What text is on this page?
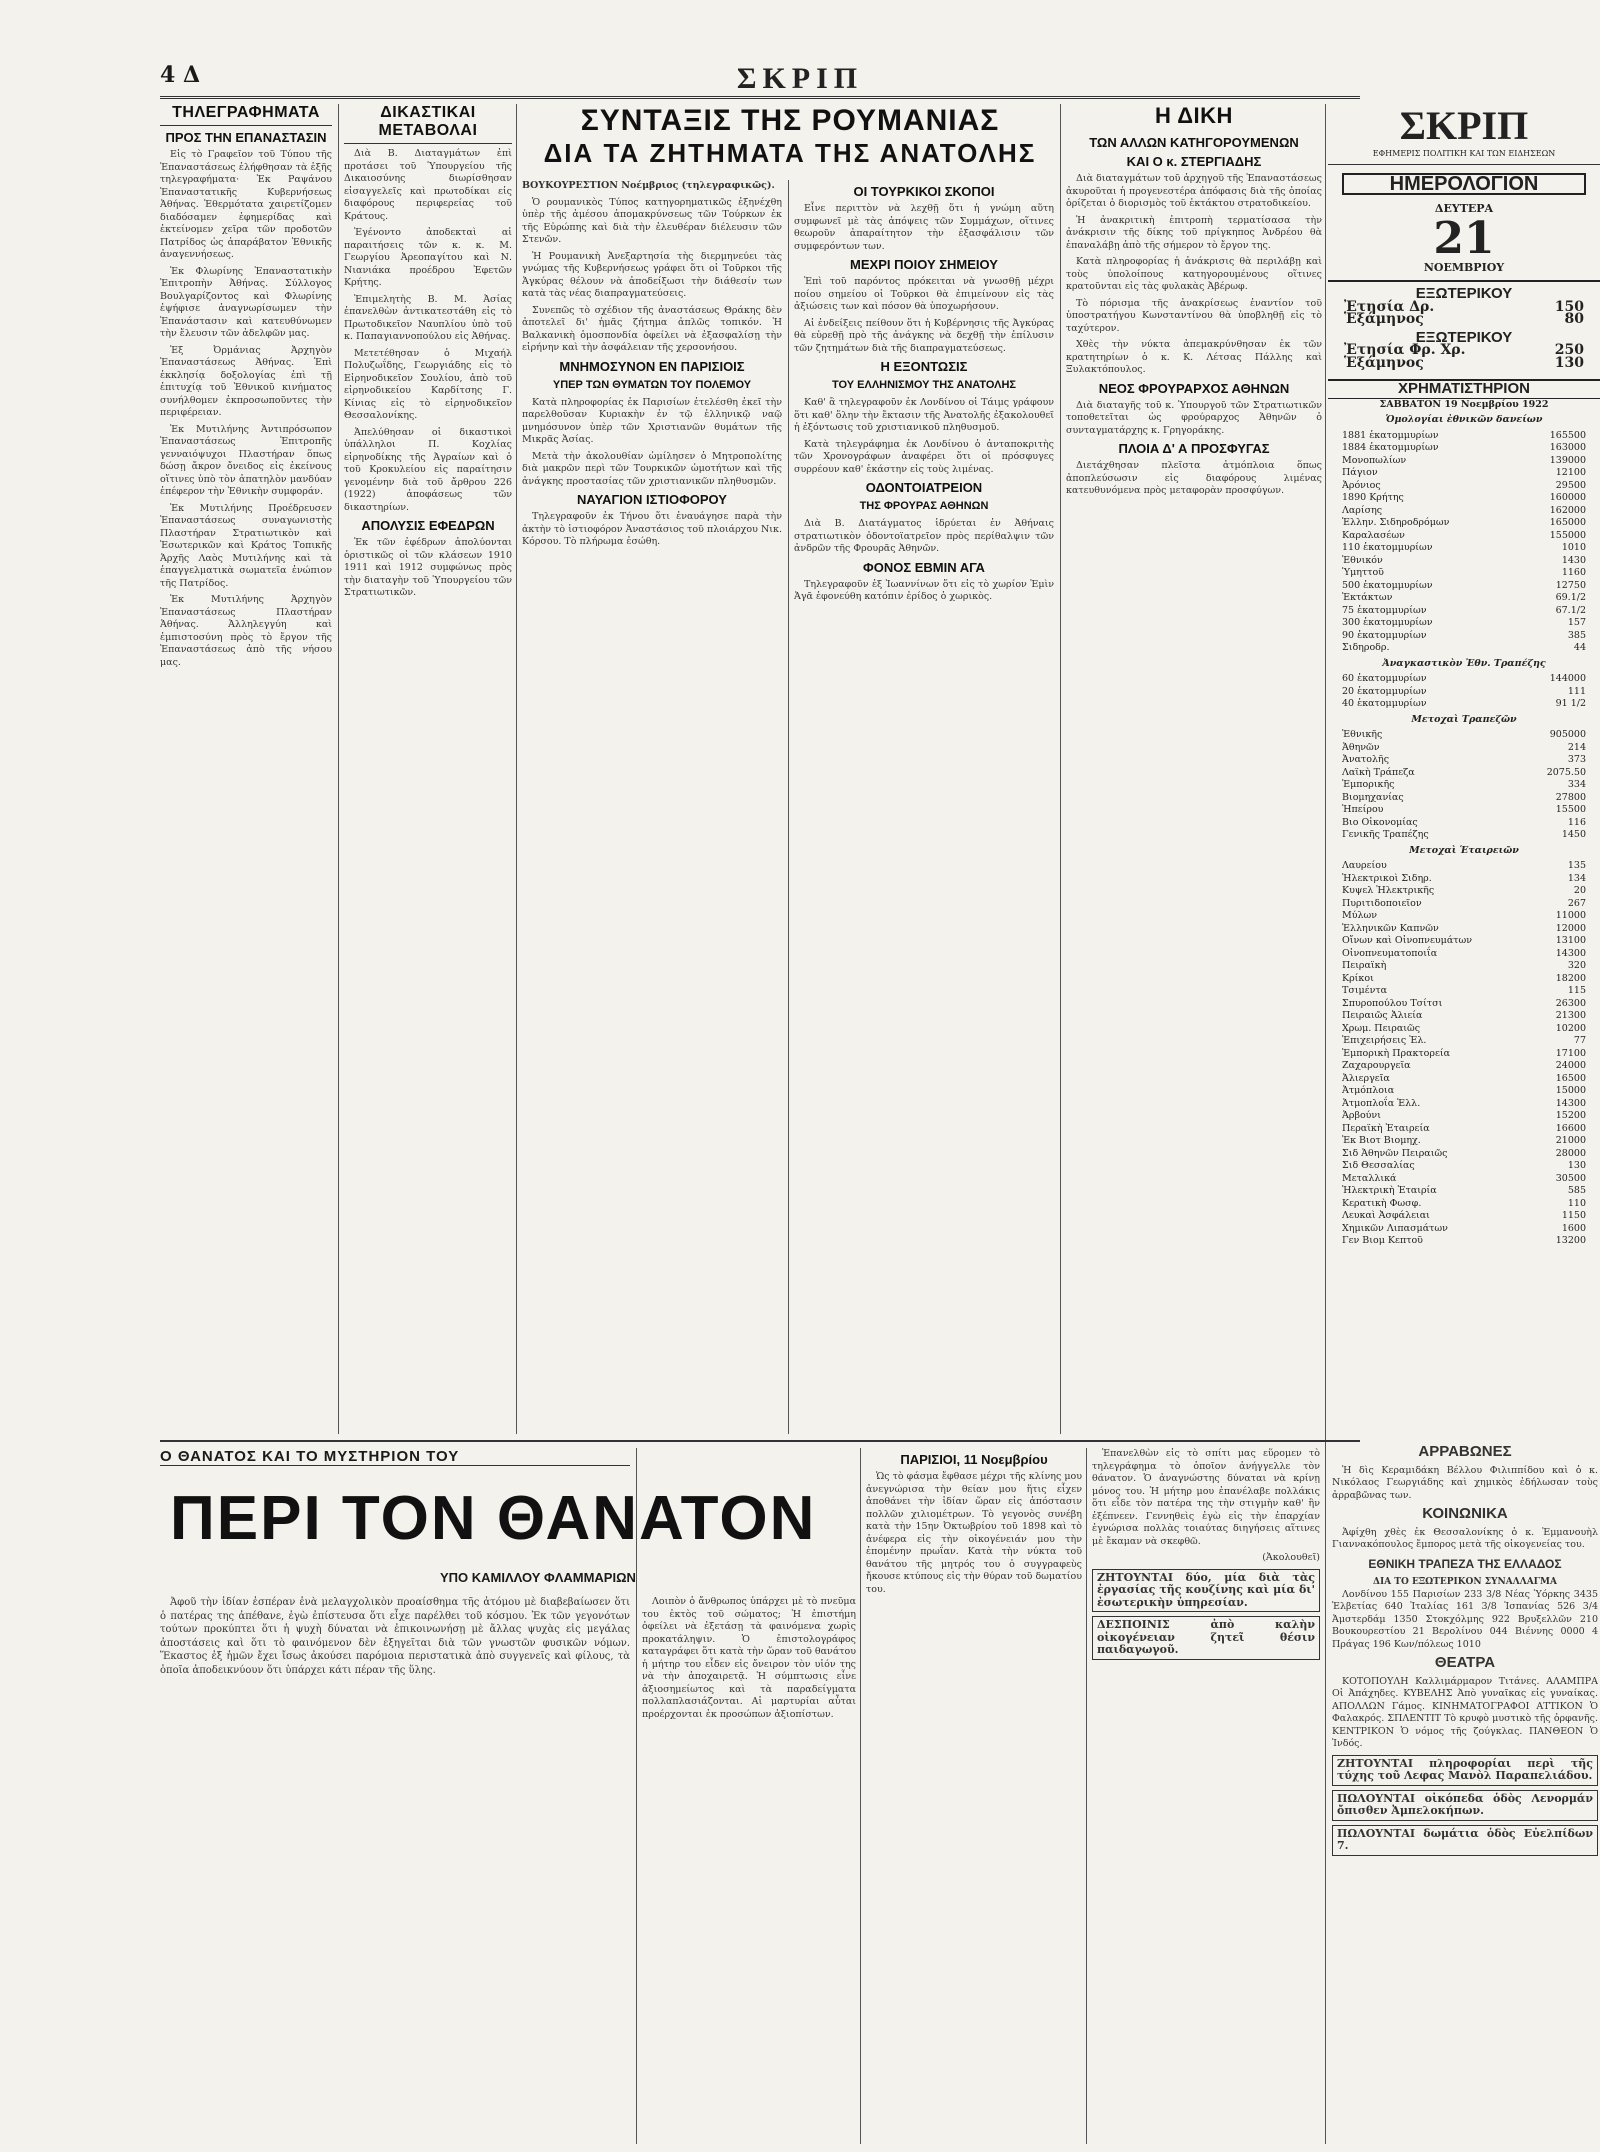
4 Δ	ΣΚΡΙΠ
ΤΗΛΕΓΡΑΦΗΜΑΤΑ
ΠΡΟΣ ΤΗΝ ΕΠΑΝΑΣΤΑΣΙΝ

Εἰς τὸ Γραφεῖον τοῦ Τύπου τῆς Ἐπαναστάσεως ἐλήφθησαν τὰ ἑξῆς τηλεγραφήματα· Ἐκ Ραψάνου Ἐπαναστατικῆς Κυβερνήσεως Ἀθήνας. Ἐθερμότατα χαιρετίζομεν διαδόσαμεν ἐφημερίδας καὶ ἐκτείνομεν χεῖρα τῶν προδοτῶν Πατρίδος ὡς ἀπαράβατον Ἐθνικῆς ἀναγεννήσεως.

Ἐκ Φλωρίνης Ἐπαναστατικὴν Ἐπιτροπὴν Ἀθήνας. Σύλλογος Βουλγαρίζοντος καὶ Φλωρίνης ἐψήφισε ἀναγνωρίσωμεν τὴν Ἐπανάστασιν καὶ κατευθύνωμεν τὴν ἔλευσιν τῶν ἀδελφῶν μας.

Ἐξ Ὀρμάνιας Ἀρχηγὸν Ἐπαναστάσεως Ἀθήνας. Ἐπὶ ἐκκλησίᾳ δοξολογίας ἐπὶ τῇ ἐπιτυχίᾳ τοῦ Ἐθνικοῦ κινήματος συνήλθομεν ἐκπροσωποῦντες τὴν περιφέρειαν.

Ἐκ Μυτιλήνης Ἀντιπρόσωπον Ἐπαναστάσεως Ἐπιτροπῆς γενναιόψυχοι Πλαστήραν ὅπως δώσῃ ἄκρον ὄνειδος εἰς ἐκείνους οἵτινες ὑπὸ τὸν ἀπατηλὸν μανδύαν ἐπέφερον τὴν Ἐθνικὴν συμφοράν.

Ἐκ Μυτιλήνης Προέδρευσεν Ἐπαναστάσεως συναγωνιστὴς Πλαστήραν Στρατιωτικὸν καὶ Ἐσωτερικῶν καὶ Κράτος Τοπικῆς Ἀρχῆς Λαὸς Μυτιλήνης καὶ τὰ ἐπαγγελματικὰ σωματεῖα ἐνώπιον τῆς Πατρίδος.

Ἐκ Μυτιλήνης Ἀρχηγὸν Ἐπαναστάσεως Πλαστήραν Ἀθήνας. Ἀλληλεγγύη καὶ ἐμπιστοσύνη πρὸς τὸ ἔργον τῆς Ἐπαναστάσεως ἀπὸ τῆς νήσου μας.

ΔΙΚΑΣΤΙΚΑΙ ΜΕΤΑΒΟΛΑΙ

Διὰ Β. Διαταγμάτων ἐπὶ προτάσει τοῦ Ὑπουργείου τῆς Δικαιοσύνης διωρίσθησαν εἰσαγγελεῖς καὶ πρωτοδίκαι εἰς διαφόρους περιφερείας τοῦ Κράτους.

Ἐγένοντο ἀποδεκταὶ αἱ παραιτήσεις τῶν κ. κ. Μ. Γεωργίου Ἀρεοπαγίτου καὶ Ν. Νιανιάκα προέδρου Ἐφετῶν Κρήτης.

Ἐπιμελητὴς Β. Μ. Ἀσίας ἐπανελθὼν ἀντικατεστάθη εἰς τὸ Πρωτοδικεῖον Ναυπλίου ὑπὸ τοῦ κ. Παπαγιαννοπούλου εἰς Ἀθήνας.

Μετετέθησαν ὁ Μιχαήλ Πολυζωΐδης, Γεωργιάδης εἰς τὸ Εἰρηνοδικεῖον Σουλίου, ἀπὸ τοῦ εἰρηνοδικείου Καρδίτσης Γ. Κίνιας εἰς τὸ εἰρηνοδικεῖον Θεσσαλονίκης.

Ἀπελύθησαν οἱ δικαστικοὶ ὑπάλληλοι Π. Κοχλίας εἰρηνοδίκης τῆς Ἀγραίων καὶ ὁ τοῦ Κροκυλείου εἰς παραίτησιν γενομένην διὰ τοῦ ἄρθρου 226 (1922) ἀποφάσεως τῶν δικαστηρίων.

ΑΠΟΛΥΣΙΣ ΕΦΕΔΡΩΝ

Ἐκ τῶν ἐφέδρων ἀπολύονται ὁριστικῶς οἱ τῶν κλάσεων 1910 1911 καὶ 1912 συμφώνως πρὸς τὴν διαταγὴν τοῦ Ὑπουργείου τῶν Στρατιωτικῶν.

ΣΥΝΤΑΞΙΣ ΤΗΣ ΡΟΥΜΑΝΙΑΣ
ΔΙΑ ΤΑ ΖΗΤΗΜΑΤΑ ΤΗΣ ΑΝΑΤΟΛΗΣ

ΒΟΥΚΟΥΡΕΣΤΙΟΝ Νοέμβριος (τηλεγραφικῶς).

Ὁ ρουμανικὸς Τύπος κατηγορηματικῶς ἐξηνέχθη ὑπὲρ τῆς ἀμέσου ἀπομακρύνσεως τῶν Τούρκων ἐκ τῆς Εὐρώπης καὶ διὰ τὴν ἐλευθέραν διέλευσιν τῶν Στενῶν.

Ἡ Ρουμανικὴ Ἀνεξαρτησία τὴς διερμηνεύει τὰς γνώμας τῆς Κυβερνήσεως γράφει ὅτι οἱ Τοῦρκοι τῆς Ἀγκύρας θέλουν νὰ ἀποδείξωσι τὴν διάθεσίν των κατὰ τὰς νέας διαπραγματεύσεις.

Συνεπῶς τὸ σχέδιον τῆς ἀναστάσεως Θράκης δὲν ἀποτελεῖ δι' ἡμᾶς ζήτημα ἀπλῶς τοπικόν. Ἡ Βαλκανικὴ ὁμοσπονδία ὀφείλει νὰ ἐξασφαλίσῃ τὴν εἰρήνην καὶ τὴν ἀσφάλειαν τῆς χερσονήσου.

ΜΝΗΜΟΣΥΝΟΝ ΕΝ ΠΑΡΙΣΙΟΙΣ
ΥΠΕΡ ΤΩΝ ΘΥΜΑΤΩΝ ΤΟΥ ΠΟΛΕΜΟΥ

Κατὰ πληροφορίας ἐκ Παρισίων ἐτελέσθη ἐκεῖ τὴν παρελθοῦσαν Κυριακὴν ἐν τῷ ἑλληνικῷ ναῷ μνημόσυνον ὑπὲρ τῶν Χριστιανῶν θυμάτων τῆς Μικρᾶς Ἀσίας.

Μετὰ τὴν ἀκολουθίαν ὡμίλησεν ὁ Μητροπολίτης διὰ μακρῶν περὶ τῶν Τουρκικῶν ὠμοτήτων καὶ τῆς ἀνάγκης προστασίας τῶν χριστιανικῶν πληθυσμῶν.

ΝΑΥΑΓΙΟΝ ΙΣΤΙΟΦΟΡΟΥ

Τηλεγραφοῦν ἐκ Τήνου ὅτι ἐναυάγησε παρὰ τὴν ἀκτὴν τὸ ἱστιοφόρον Ἀναστάσιος τοῦ πλοιάρχου Νικ. Κόρσου. Τὸ πλήρωμα ἐσώθη.

ΟΙ ΤΟΥΡΚΙΚΟΙ ΣΚΟΠΟΙ

Εἶνε περιττὸν νὰ λεχθῇ ὅτι ἡ γνώμη αὕτη συμφωνεῖ μὲ τὰς ἀπόψεις τῶν Συμμάχων, οἵτινες θεωροῦν ἀπαραίτητον τὴν ἐξασφάλισιν τῶν συμφερόντων των.

ΜΕΧΡΙ ΠΟΙΟΥ ΣΗΜΕΙΟΥ

Ἐπὶ τοῦ παρόντος πρόκειται νὰ γνωσθῇ μέχρι ποίου σημείου οἱ Τοῦρκοι θὰ ἐπιμείνουν εἰς τὰς ἀξιώσεις των καὶ πόσον θὰ ὑποχωρήσουν.

Αἱ ἐνδείξεις πείθουν ὅτι ἡ Κυβέρνησις τῆς Ἀγκύρας θὰ εὑρεθῇ πρὸ τῆς ἀνάγκης νὰ δεχθῇ τὴν ἐπίλυσιν τῶν ζητημάτων διὰ τῆς διαπραγματεύσεως.

Η ΕΞΟΝΤΩΣΙΣ
ΤΟΥ ΕΛΛΗΝΙΣΜΟΥ ΤΗΣ ΑΝΑΤΟΛΗΣ

Καθ' ἃ τηλεγραφοῦν ἐκ Λονδίνου οἱ Τάιμς γράφουν ὅτι καθ' ὅλην τὴν ἔκτασιν τῆς Ἀνατολῆς ἐξακολουθεῖ ἡ ἐξόντωσις τοῦ χριστιανικοῦ πληθυσμοῦ.

Κατὰ τηλεγράφημα ἐκ Λονδίνου ὁ ἀνταποκριτὴς τῶν Χρονογράφων ἀναφέρει ὅτι οἱ πρόσφυγες συρρέουν καθ' ἑκάστην εἰς τοὺς λιμένας.

ΟΔΟΝΤΟΙΑΤΡΕΙΟΝ
ΤΗΣ ΦΡΟΥΡΑΣ ΑΘΗΝΩΝ

Διὰ Β. Διατάγματος ἱδρύεται ἐν Ἀθήναις στρατιωτικὸν ὀδοντοϊατρεῖον πρὸς περίθαλψιν τῶν ἀνδρῶν τῆς Φρουρᾶς Ἀθηνῶν.

ΦΟΝΟΣ ΕΒΜΙΝ ΑΓΑ

Τηλεγραφοῦν ἐξ Ἰωαννίνων ὅτι εἰς τὸ χωρίον Ἐμὶν Ἀγᾶ ἐφονεύθη κατόπιν ἐρίδος ὁ χωρικὸς.

Η ΔΙΚΗ
ΤΩΝ ΑΛΛΩΝ ΚΑΤΗΓΟΡΟΥΜΕΝΩΝ
ΚΑΙ Ο κ. ΣΤΕΡΓΙΑΔΗΣ

Διὰ διαταγμάτων τοῦ ἀρχηγοῦ τῆς Ἐπαναστάσεως ἀκυροῦται ἡ προγενεστέρα ἀπόφασις διὰ τῆς ὁποίας ὁρίζεται ὁ διορισμὸς τοῦ ἐκτάκτου στρατοδικείου.

Ἡ ἀνακριτικὴ ἐπιτροπὴ τερματίσασα τὴν ἀνάκρισιν τῆς δίκης τοῦ πρίγκηπος Ἀνδρέου θὰ ἐπαναλάβῃ ἀπὸ τῆς σήμερον τὸ ἔργον της.

Κατὰ πληροφορίας ἡ ἀνάκρισις θὰ περιλάβῃ καὶ τοὺς ὑπολοίπους κατηγορουμένους οἵτινες κρατοῦνται εἰς τὰς φυλακὰς Ἀβέρωφ.

Τὸ πόρισμα τῆς ἀνακρίσεως ἐναντίον τοῦ ὑποστρατήγου Κωνσταντίνου θὰ ὑποβληθῇ εἰς τὸ ταχύτερον.

Χθὲς τὴν νύκτα ἀπεμακρύνθησαν ἐκ τῶν κρατητηρίων ὁ κ. Κ. Λέτσας Πάλλης καὶ Ξυλακτόπουλος.

ΝΕΟΣ ΦΡΟΥΡΑΡΧΟΣ ΑΘΗΝΩΝ

Διὰ διαταγῆς τοῦ κ. Ὑπουργοῦ τῶν Στρατιωτικῶν τοποθετεῖται ὡς φρούραρχος Ἀθηνῶν ὁ συνταγματάρχης κ. Γρηγοράκης.

ΠΛΟΙΑ Δ' Α ΠΡΟΣΦΥΓΑΣ

Διετάχθησαν πλεῖστα ἀτμόπλοια ὅπως ἀποπλεύσωσιν εἰς διαφόρους λιμένας κατευθυνόμενα πρὸς μεταφορὰν προσφύγων.

ΣΚΡΙΠ
ΕΦΗΜΕΡΙΣ ΠΟΛΙΤΙΚΗ ΚΑΙ ΤΩΝ ΕΙΔΗΣΕΩΝ
ΗΜΕΡΟΛΟΓΙΟΝ
ΔΕΥΤΕΡΑ
21
ΝΟΕΜΒΡΙΟΥ
ΕΞΩΤΕΡΙΚΟΥ
Ἐτησία Δρ.	150
Ἑξάμηνος	80
ΕΞΩΤΕΡΙΚΟΥ
Ἐτησία Φρ. Χρ.	250
Ἑξάμηνος	130
ΧΡΗΜΑΤΙΣΤΗΡΙΟΝ
ΣΑΒΒΑΤΟΝ 19 Νοεμβρίου 1922
Ὁμολογίαι ἐθνικῶν δανείων
1881 ἑκατομμυρίων	165500
1884 ἑκατομμυρίων	163000
Μονοπωλίων	139000
Πάγιον	12100
Ἀρόνιος	29500
1890 Κρήτης	160000
Λαρίσης	162000
Ἑλλην. Σιδηροδρόμων	165000
Καραλασέων	155000
110 ἑκατομμυρίων	1010
Ἐθνικόν	1430
Ὑμηττοῦ	1160
500 ἑκατομμυρίων	12750
Ἐκτάκτων	69.1/2
75 ἑκατομμυρίων	67.1/2
300 ἑκατομμυρίων	157
90 ἑκατομμυρίων	385
Σιδηροδρ.	44
Ἀναγκαστικὸν Ἐθν. Τραπέζης
60 ἑκατομμυρίων	144000
20 ἑκατομμυρίων	111
40 ἑκατομμυρίων	91 1/2
Μετοχαὶ Τραπεζῶν
Ἐθνικῆς	905000
Ἀθηνῶν	214
Ἀνατολῆς	373
Λαϊκὴ Τράπεζα	2075.50
Ἐμπορικῆς	334
Βιομηχανίας	27800
Ἠπείρου	15500
Βιο Οἰκονομίας	116
Γενικῆς Τραπέζης	1450
Μετοχαὶ Ἑταιρειῶν
Λαυρείου	135
Ἠλεκτρικοὶ Σιδηρ.	134
Κυψελ Ἠλεκτρικῆς	20
Πυριτιδοποιεῖον	267
Μύλων	11000
Ἑλληνικῶν Καπνῶν	12000
Οἴνων καὶ Οἰνοπνευμάτων	13100
Οἰνοπνευματοποιΐα	14300
Πειραϊκὴ	320
Κρίκοι	18200
Τσιμέντα	115
Σπυροπούλου Τσίτσι	26300
Πειραιῶς Ἀλιεία	21300
Χρωμ. Πειραιῶς	10200
Ἐπιχειρήσεις Ἐλ.	77
Ἐμπορικὴ Πρακτορεία	17100
Ζαχαρουργεῖα	24000
Ἀλιεργεῖα	16500
Ἀτμόπλοια	15000
Ἀτμοπλοΐα Ἑλλ.	14300
Ἀρβούνι	15200
Περαϊκὴ Ἑταιρεία	16600
Ἐκ Βιοτ Βιομηχ.	21000
Σιδ Ἀθηνῶν Πειραιῶς	28000
Σιδ Θεσσαλίας	130
Μεταλλικά	30500
Ἠλεκτρικὴ Ἑταιρία	585
Κερατικὴ Φωσφ.	110
Λευκαὶ Ἀσφάλειαι	1150
Χημικῶν Λιπασμάτων	1600
Γεν Βιομ Κεπτοῦ	13200
Ο ΘΑΝΑΤΟΣ ΚΑΙ ΤΟ ΜΥΣΤΗΡΙΟΝ ΤΟΥ
ΠΕΡΙ ΤΟΝ ΘΑΝΑΤΟΝ
ΥΠΟ ΚΑΜΙΛΛΟΥ ΦΛΑΜΜΑΡΙΩΝ

Ἀφοῦ τὴν ἰδίαν ἐσπέραν ἐνὰ μελαγχολικὸν προαίσθημα τῆς ἀτόμου μὲ διαβεβαίωσεν ὅτι ὁ πατέρας της ἀπέθανε, ἐγὼ ἐπίστευσα ὅτι εἶχε παρέλθει τοῦ κόσμου. Ἐκ τῶν γεγονότων τούτων προκύπτει ὅτι ἡ ψυχὴ δύναται νὰ ἐπικοινωνήσῃ μὲ ἄλλας ψυχὰς εἰς μεγάλας ἀποστάσεις καὶ ὅτι τὸ φαινόμενον δὲν ἐξηγεῖται διὰ τῶν γνωστῶν φυσικῶν νόμων. Ἕκαστος ἐξ ἡμῶν ἔχει ἴσως ἀκούσει παρόμοια περιστατικὰ ἀπὸ συγγενεῖς καὶ φίλους, τὰ ὁποῖα ἀποδεικνύουν ὅτι ὑπάρχει κάτι πέραν τῆς ὕλης.

Λοιπὸν ὁ ἄνθρωπος ὑπάρχει μὲ τὸ πνεῦμα του ἐκτὸς τοῦ σώματος; Ἡ ἐπιστήμη ὀφείλει νὰ ἐξετάσῃ τὰ φαινόμενα χωρὶς προκατάληψιν. Ὁ ἐπιστολογράφος καταγράφει ὅτι κατὰ τὴν ὥραν τοῦ θανάτου ἡ μήτηρ του εἶδεν εἰς ὄνειρον τὸν υἱόν της νὰ τὴν ἀποχαιρετᾷ. Ἡ σύμπτωσις εἶνε ἀξιοσημείωτος καὶ τὰ παραδείγματα πολλαπλασιάζονται. Αἱ μαρτυρίαι αὗται προέρχονται ἐκ προσώπων ἀξιοπίστων.

ΠΑΡΙΣΙΟΙ, 11 Νοεμβρίου

Ὡς τὸ φάσμα ἔφθασε μέχρι τῆς κλίνης μου ἀνεγνώρισα τὴν θείαν μου ἥτις εἶχεν ἀποθάνει τὴν ἰδίαν ὥραν εἰς ἀπόστασιν πολλῶν χιλιομέτρων. Τὸ γεγονὸς συνέβη κατὰ τὴν 15ην Ὀκτωβρίου τοῦ 1898 καὶ τὸ ἀνέφερα εἰς τὴν οἰκογένειάν μου τὴν ἐπομένην πρωΐαν. Κατὰ τὴν νύκτα τοῦ θανάτου τῆς μητρός του ὁ συγγραφεὺς ἤκουσε κτύπους εἰς τὴν θύραν τοῦ δωματίου του.

Ἐπανελθὼν εἰς τὸ σπίτι μας εὕρομεν τὸ τηλεγράφημα τὸ ὁποῖον ἀνήγγελλε τὸν θάνατον. Ὁ ἀναγνώστης δύναται νὰ κρίνῃ μόνος του. Ἡ μήτηρ μου ἐπανέλαβε πολλάκις ὅτι εἶδε τὸν πατέρα της τὴν στιγμὴν καθ' ἣν ἐξέπνεεν. Γεννηθεὶς ἐγὼ εἰς τὴν ἐπαρχίαν ἐγνώρισα πολλὰς τοιαύτας διηγήσεις αἵτινες μὲ ἔκαμαν νὰ σκεφθῶ.

(Ἀκολουθεῖ)

ΖΗΤΟΥΝΤΑΙ δύο, μία διὰ τὰς ἐργασίας τῆς κουζίνης καὶ μία δι' ἐσωτερικὴν ὑπηρεσίαν.
ΔΕΣΠΟΙΝΙΣ ἀπὸ καλὴν οἰκογένειαν ζητεῖ θέσιν παιδαγωγοῦ.
ΑΡΡΑΒΩΝΕΣ

Ἡ δὶς Κεραμιδάκη Βέλλου Φιλιππίδου καὶ ὁ κ. Νικόλαος Γεωργιάδης καὶ χημικὸς ἐδήλωσαν τοὺς ἀρραβῶνας των.

ΚΟΙΝΩΝΙΚΑ

Ἀφίχθη χθὲς ἐκ Θεσσαλονίκης ὁ κ. Ἐμμανουὴλ Γιαννακόπουλος ἔμπορος μετὰ τῆς οἰκογενείας του.

ΕΘΝΙΚΗ ΤΡΑΠΕΖΑ ΤΗΣ ΕΛΛΑΔΟΣ
ΔΙΑ ΤΟ ΕΞΩΤΕΡΙΚΟΝ ΣΥΝΑΛΛΑΓΜΑ

Λονδίνου 155 Παρισίων 233 3/8 Νέας Ὑόρκης 3435 Ἑλβετίας 640 Ἰταλίας 161 3/8 Ἰσπανίας 526 3/4 Ἀμστερδάμ 1350 Στοκχόλμης 922 Βρυξελλῶν 210 Βουκουρεστίου 21 Βερολίνου 044 Βιέννης 0000 4 Πράγας 196 Κων/πόλεως 1010

ΘΕΑΤΡΑ

ΚΟΤΟΠΟΥΛΗ Καλλιμάρμαρον Τιτάνες. ΑΛΑΜΠΡΑ Οἱ Ἀπάχηδες. ΚΥΒΕΛΗΣ Ἀπὸ γυναῖκας εἰς γυναίκας. ΑΠΟΛΛΩΝ Γάμος. ΚΙΝΗΜΑΤΟΓΡΑΦΟΙ ΑΤΤΙΚΟΝ Ὁ Φαλακρός. ΣΠΛΕΝΤΙΤ Τὸ κρυφὸ μυστικὸ τῆς ὀρφανῆς. ΚΕΝΤΡΙΚΟΝ Ὁ νόμος τῆς ζούγκλας. ΠΑΝΘΕΟΝ Ὁ Ἰνδός.

ΖΗΤΟΥΝΤΑΙ πληροφορίαι περὶ τῆς τύχης τοῦ Λεφας Μανὸλ Παραπελιάδου.
ΠΩΛΟΥΝΤΑΙ οἰκόπεδα ὁδὸς Λενορμάν ὄπισθεν Ἀμπελοκήπων.
ΠΩΛΟΥΝΤΑΙ δωμάτια ὁδὸς Εὐελπίδων 7.
